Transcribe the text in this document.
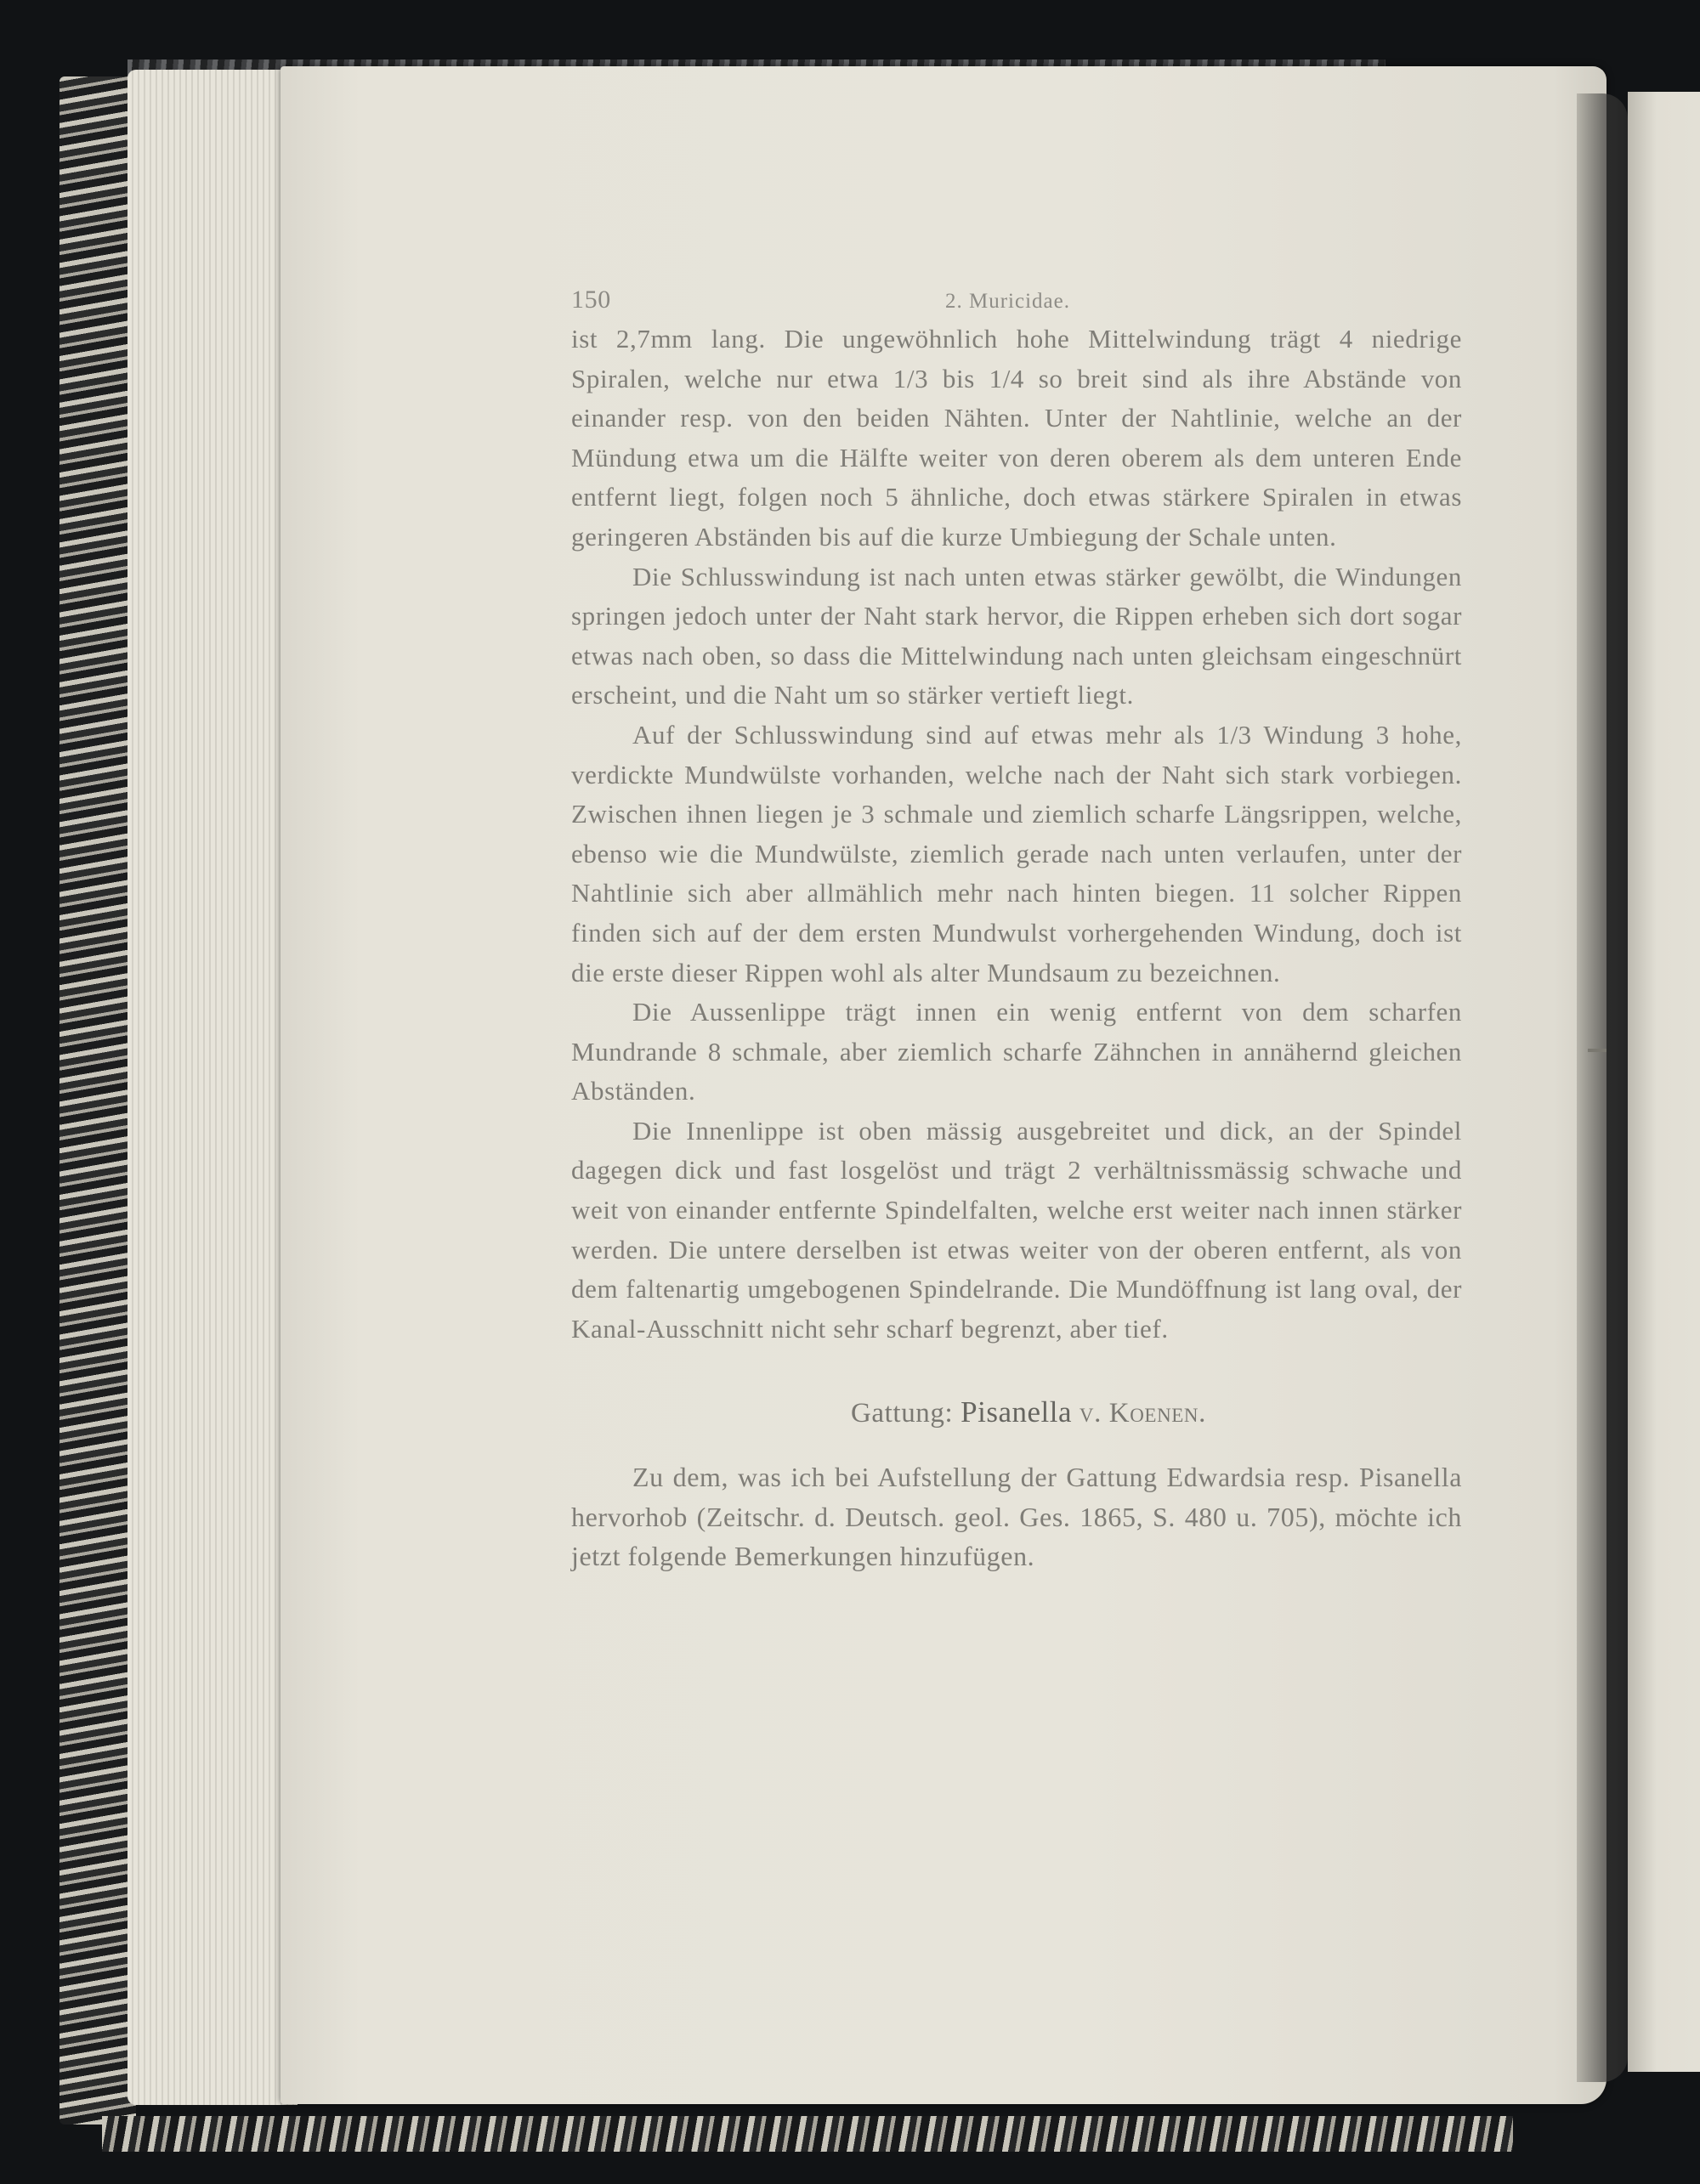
150	2. Muricidae.

ist 2,7mm lang. Die ungewöhnlich hohe Mittelwindung trägt 4 niedrige Spiralen, welche nur etwa 1/3 bis 1/4 so breit sind als ihre Abstände von einander resp. von den beiden Nähten. Unter der Nahtlinie, welche an der Mündung etwa um die Hälfte weiter von deren oberem als dem unteren Ende entfernt liegt, folgen noch 5 ähnliche, doch etwas stärkere Spiralen in etwas geringeren Abständen bis auf die kurze Umbiegung der Schale unten.

Die Schlusswindung ist nach unten etwas stärker gewölbt, die Windungen springen jedoch unter der Naht stark hervor, die Rippen erheben sich dort sogar etwas nach oben, so dass die Mittelwindung nach unten gleichsam eingeschnürt erscheint, und die Naht um so stärker vertieft liegt.

Auf der Schlusswindung sind auf etwas mehr als 1/3 Windung 3 hohe, verdickte Mundwülste vorhanden, welche nach der Naht sich stark vorbiegen. Zwischen ihnen liegen je 3 schmale und ziemlich scharfe Längsrippen, welche, ebenso wie die Mundwülste, ziemlich gerade nach unten verlaufen, unter der Nahtlinie sich aber allmählich mehr nach hinten biegen. 11 solcher Rippen finden sich auf der dem ersten Mundwulst vorhergehenden Windung, doch ist die erste dieser Rippen wohl als alter Mundsaum zu bezeichnen.

Die Aussenlippe trägt innen ein wenig entfernt von dem scharfen Mundrande 8 schmale, aber ziemlich scharfe Zähnchen in annähernd gleichen Abständen.

Die Innenlippe ist oben mässig ausgebreitet und dick, an der Spindel dagegen dick und fast losgelöst und trägt 2 verhältnissmässig schwache und weit von einander entfernte Spindelfalten, welche erst weiter nach innen stärker werden. Die untere derselben ist etwas weiter von der oberen entfernt, als von dem faltenartig umgebogenen Spindelrande. Die Mundöffnung ist lang oval, der Kanal-Ausschnitt nicht sehr scharf begrenzt, aber tief.

Gattung: Pisanella v. Koenen.

Zu dem, was ich bei Aufstellung der Gattung Edwardsia resp. Pisanella hervorhob (Zeitschr. d. Deutsch. geol. Ges. 1865, S. 480 u. 705), möchte ich jetzt folgende Bemerkungen hinzufügen.
